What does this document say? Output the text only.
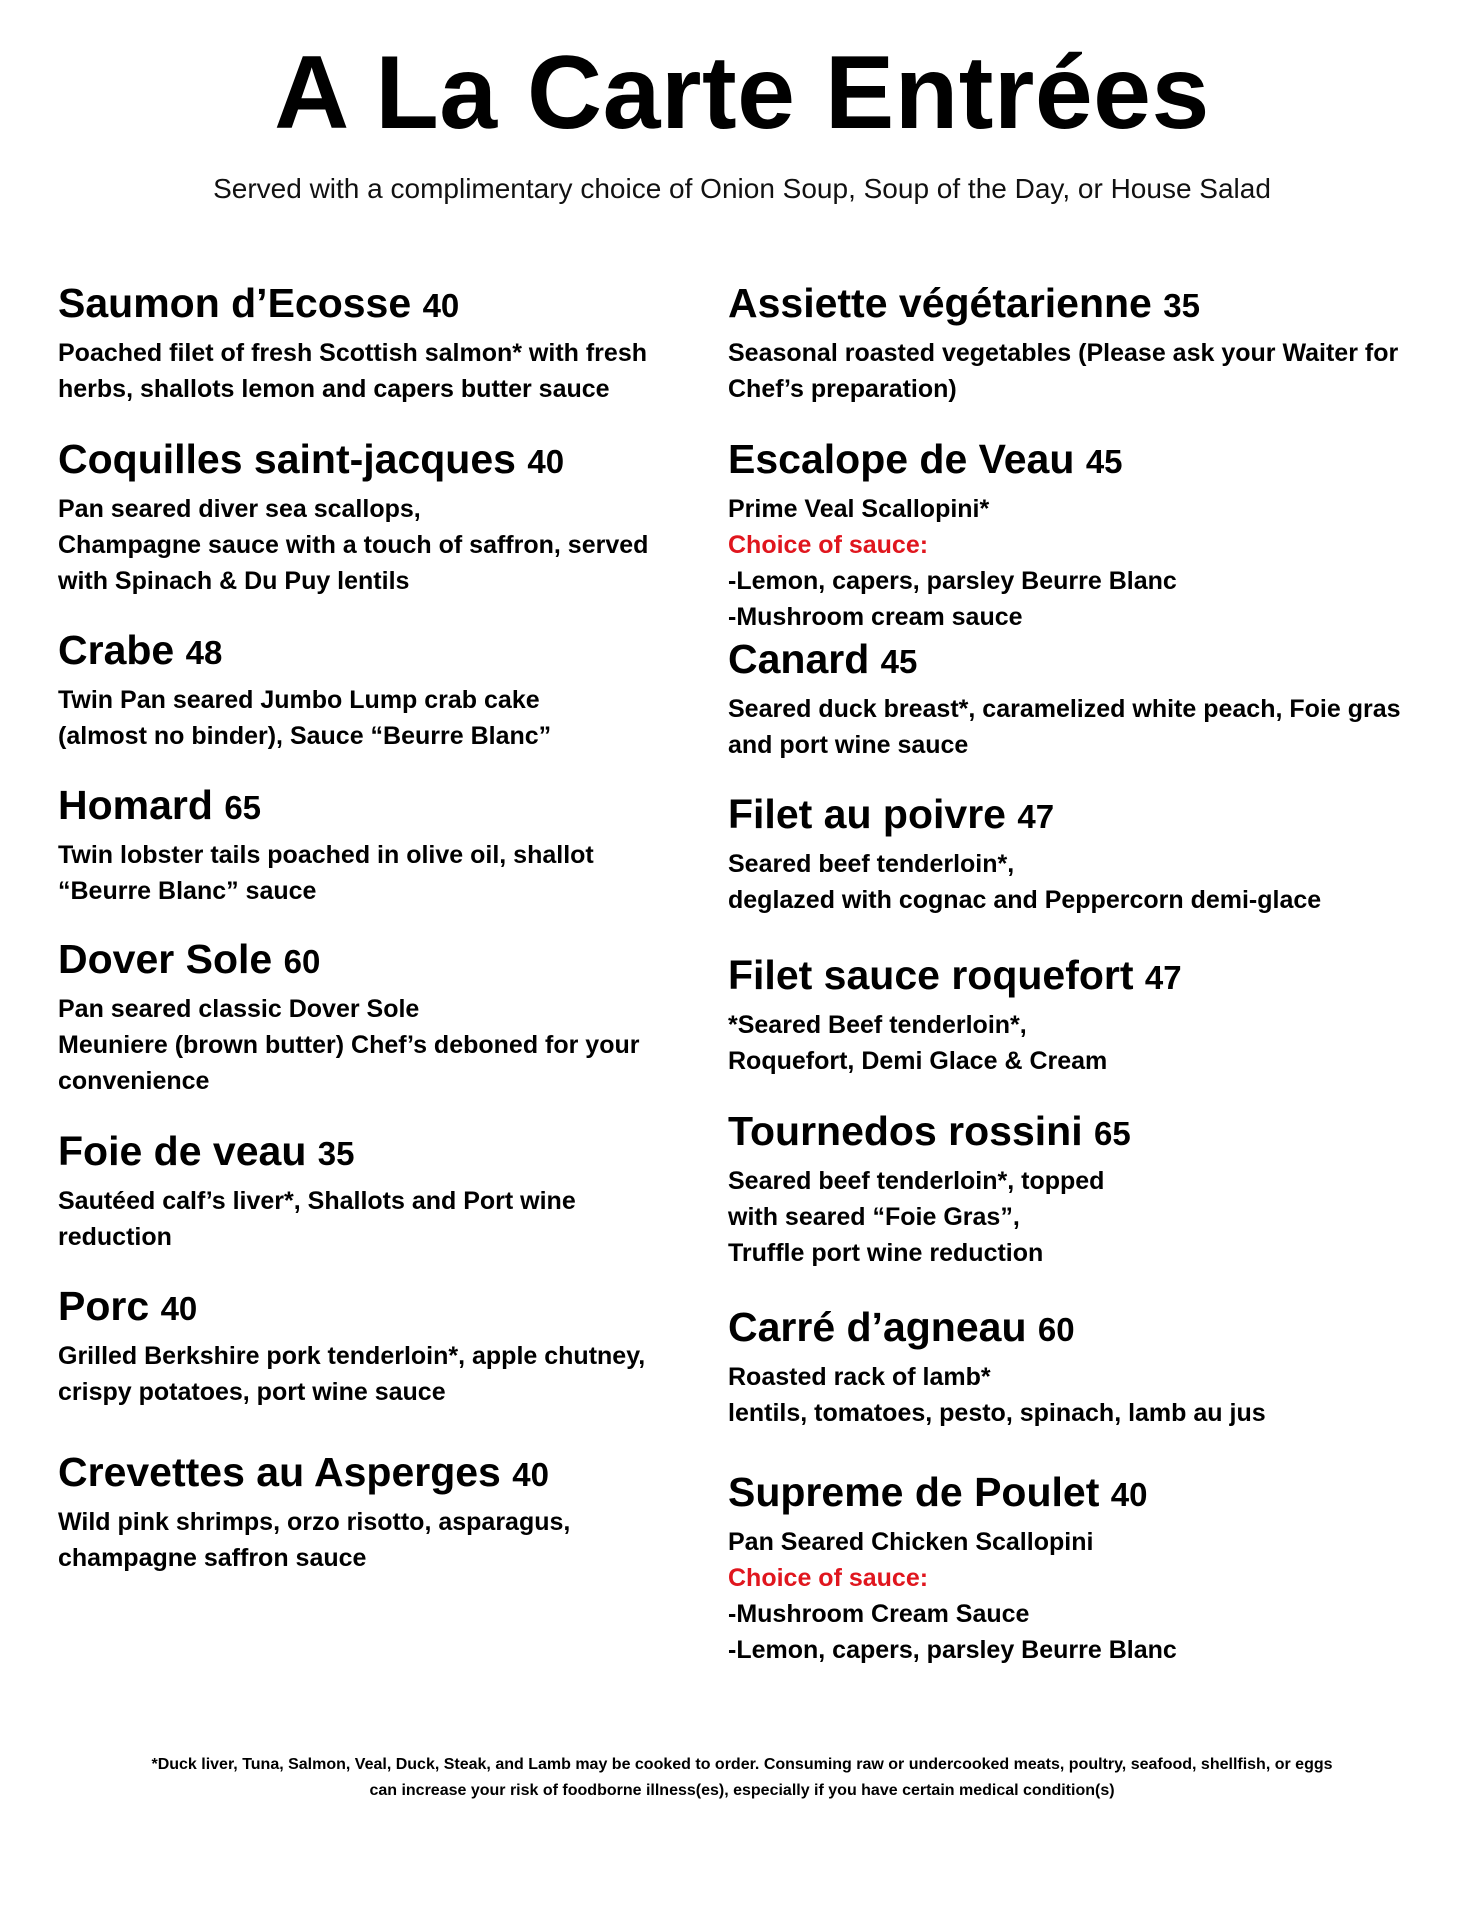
A La Carte Entrées
Served with a complimentary choice of Onion Soup, Soup of the Day, or House Salad
Saumon d’Ecosse 40
Poached filet of fresh Scottish salmon* with fresh
herbs, shallots lemon and capers butter sauce
Coquilles saint-jacques 40
Pan seared diver sea scallops,
Champagne sauce with a touch of saffron, served
with Spinach & Du Puy lentils
Crabe 48
Twin Pan seared Jumbo Lump crab cake
(almost no binder), Sauce “Beurre Blanc”
Homard 65
Twin lobster tails poached in olive oil, shallot
“Beurre Blanc” sauce
Dover Sole 60
Pan seared classic Dover Sole
Meuniere (brown butter) Chef’s deboned for your
convenience
Foie de veau 35
Sautéed calf’s liver*, Shallots and Port wine
reduction
Porc 40
Grilled Berkshire pork tenderloin*, apple chutney,
crispy potatoes, port wine sauce
Crevettes au Asperges 40
Wild pink shrimps, orzo risotto, asparagus,
champagne saffron sauce
Assiette végétarienne 35
Seasonal roasted vegetables (Please ask your Waiter for
Chef’s preparation)
Escalope de Veau 45
Prime Veal Scallopini*
Choice of sauce:
-Lemon, capers, parsley Beurre Blanc
-Mushroom cream sauce
Canard 45
Seared duck breast*, caramelized white peach, Foie gras
and port wine sauce
Filet au poivre 47
Seared beef tenderloin*,
deglazed with cognac and Peppercorn demi-glace
Filet sauce roquefort 47
*Seared Beef tenderloin*,
Roquefort, Demi Glace & Cream
Tournedos rossini 65
Seared beef tenderloin*, topped
with seared “Foie Gras”,
Truffle port wine reduction
Carré d’agneau 60
Roasted rack of lamb*
lentils, tomatoes, pesto, spinach, lamb au jus
Supreme de Poulet 40
Pan Seared Chicken Scallopini
Choice of sauce:
-Mushroom Cream Sauce
-Lemon, capers, parsley Beurre Blanc
*Duck liver, Tuna, Salmon, Veal, Duck, Steak, and Lamb may be cooked to order. Consuming raw or undercooked meats, poultry, seafood, shellfish, or eggs
can increase your risk of foodborne illness(es), especially if you have certain medical condition(s)
